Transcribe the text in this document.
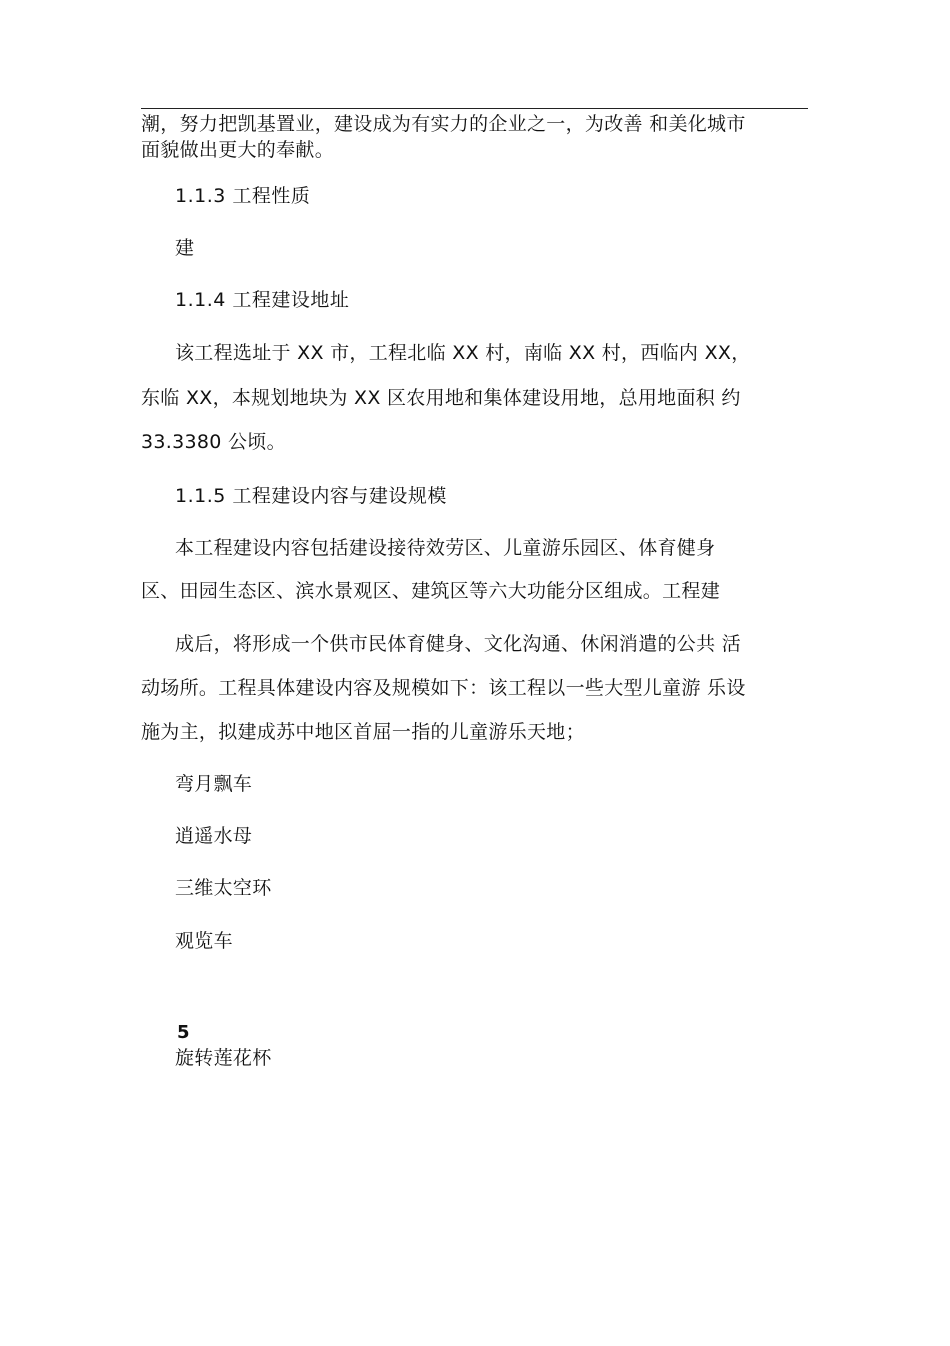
潮，努力把凯基置业，建设成为有实力的企业之一，为改善 和美化城市
面貌做出更大的奉献。
1.1.3 工程性质
建
1.1.4 工程建设地址
该工程选址于 XX 市，工程北临 XX 村，南临 XX 村，西临内 XX，
东临 XX，本规划地块为 XX 区农用地和集体建设用地，总用地面积 约
33.3380 公顷。
1.1.5 工程建设内容与建设规模
本工程建设内容包括建设接待效劳区、儿童游乐园区、体育健身
区、田园生态区、滨水景观区、建筑区等六大功能分区组成。工程建
成后，将形成一个供市民体育健身、文化沟通、休闲消遣的公共 活
动场所。工程具体建设内容及规模如下：该工程以一些大型儿童游 乐设
施为主，拟建成苏中地区首屈一指的儿童游乐天地；
弯月飘车
逍遥水母
三维太空环
观览车
5
旋转莲花杯
